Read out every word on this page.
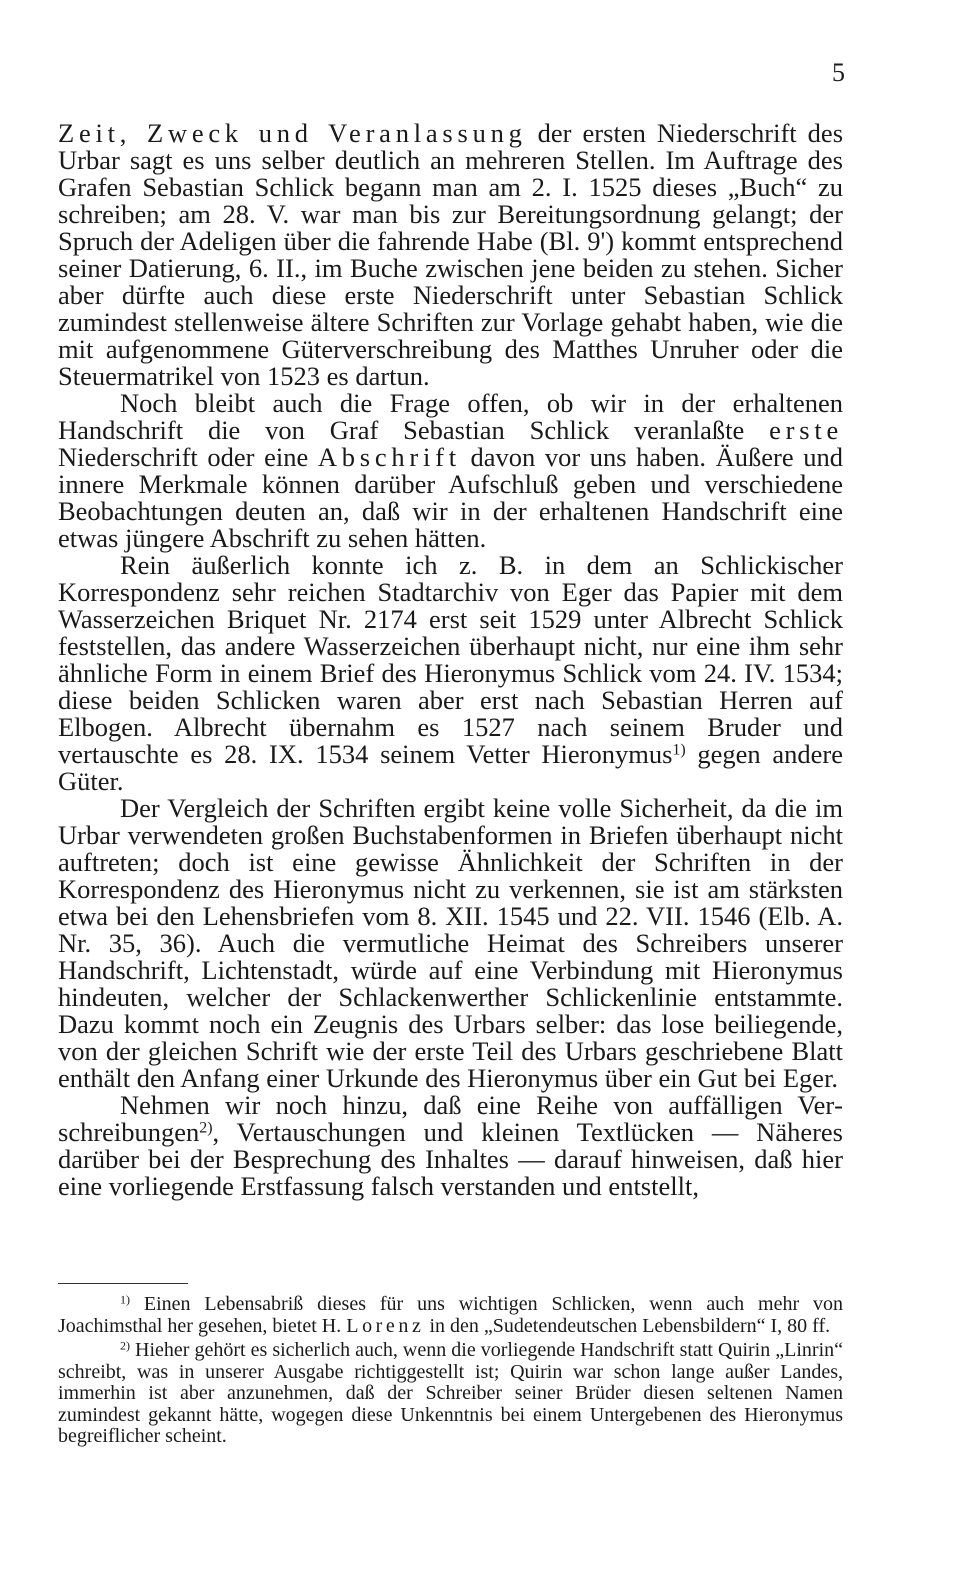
5

Zeit, Zweck und Veranlassung der ersten Niederschrift des Urbar sagt es uns selber deutlich an mehreren Stellen. Im Auftrage des Grafen Sebastian Schlick begann man am 2. I. 1525 dieses „Buch“ zu schreiben; am 28. V. war man bis zur Bereitungsordnung gelangt; der Spruch der Adeligen über die fahrende Habe (Bl. 9') kommt entsprechend seiner Datierung, 6. II., im Buche zwischen jene beiden zu stehen. Sicher aber dürfte auch diese erste Niederschrift unter Sebastian Schlick zumindest stellenweise ältere Schriften zur Vorlage gehabt haben, wie die mit aufgenommene Güterverschreibung des Matthes Unruher oder die Steuermatrikel von 1523 es dartun.

Noch bleibt auch die Frage offen, ob wir in der erhaltenen Handschrift die von Graf Sebastian Schlick veranlaßte erste Niederschrift oder eine Abschrift davon vor uns haben. Äußere und innere Merkmale können darüber Aufschluß geben und verschiedene Beobachtungen deuten an, daß wir in der erhaltenen Handschrift eine etwas jüngere Abschrift zu sehen hätten.

Rein äußerlich konnte ich z. B. in dem an Schlickischer Korrespondenz sehr reichen Stadtarchiv von Eger das Papier mit dem Wasserzeichen Briquet Nr. 2174 erst seit 1529 unter Albrecht Schlick feststellen, das andere Wasserzeichen überhaupt nicht, nur eine ihm sehr ähnliche Form in einem Brief des Hieronymus Schlick vom 24. IV. 1534; diese beiden Schlicken waren aber erst nach Sebastian Herren auf Elbogen. Albrecht übernahm es 1527 nach seinem Bruder und vertauschte es 28. IX. 1534 seinem Vetter Hieronymus$^{1)}$ gegen andere Güter.

Der Vergleich der Schriften ergibt keine volle Sicherheit, da die im Urbar verwendeten großen Buchstabenformen in Briefen überhaupt nicht auftreten; doch ist eine gewisse Ähnlichkeit der Schriften in der Korrespondenz des Hieronymus nicht zu verkennen, sie ist am stärksten etwa bei den Lehensbriefen vom 8. XII. 1545 und 22. VII. 1546 (Elb. A. Nr. 35, 36). Auch die vermutliche Heimat des Schreibers unserer Handschrift, Lichtenstadt, würde auf eine Verbindung mit Hieronymus hindeuten, welcher der Schlackenwerther Schlickenlinie entstammte. Dazu kommt noch ein Zeugnis des Urbars selber: das lose beiliegende, von der gleichen Schrift wie der erste Teil des Urbars geschriebene Blatt enthält den Anfang einer Urkunde des Hieronymus über ein Gut bei Eger.

Nehmen wir noch hinzu, daß eine Reihe von auffälligen Verschreibungen$^{2)}$, Vertauschungen und kleinen Textlücken — Näheres darüber bei der Besprechung des Inhaltes — darauf hinweisen, daß hier eine vorliegende Erstfassung falsch verstanden und entstellt,

$^{1)}$ Einen Lebensabriß dieses für uns wichtigen Schlicken, wenn auch mehr von Joachimsthal her gesehen, bietet H. Lorenz in den „Sudetendeutschen Lebensbildern“ I, 80 ff.

$^{2)}$ Hieher gehört es sicherlich auch, wenn die vorliegende Handschrift statt Quirin „Linrin“ schreibt, was in unserer Ausgabe richtiggestellt ist; Quirin war schon lange außer Landes, immerhin ist aber anzunehmen, daß der Schreiber seiner Brüder diesen seltenen Namen zumindest gekannt hätte, wogegen diese Unkenntnis bei einem Untergebenen des Hieronymus begreiflicher scheint.
